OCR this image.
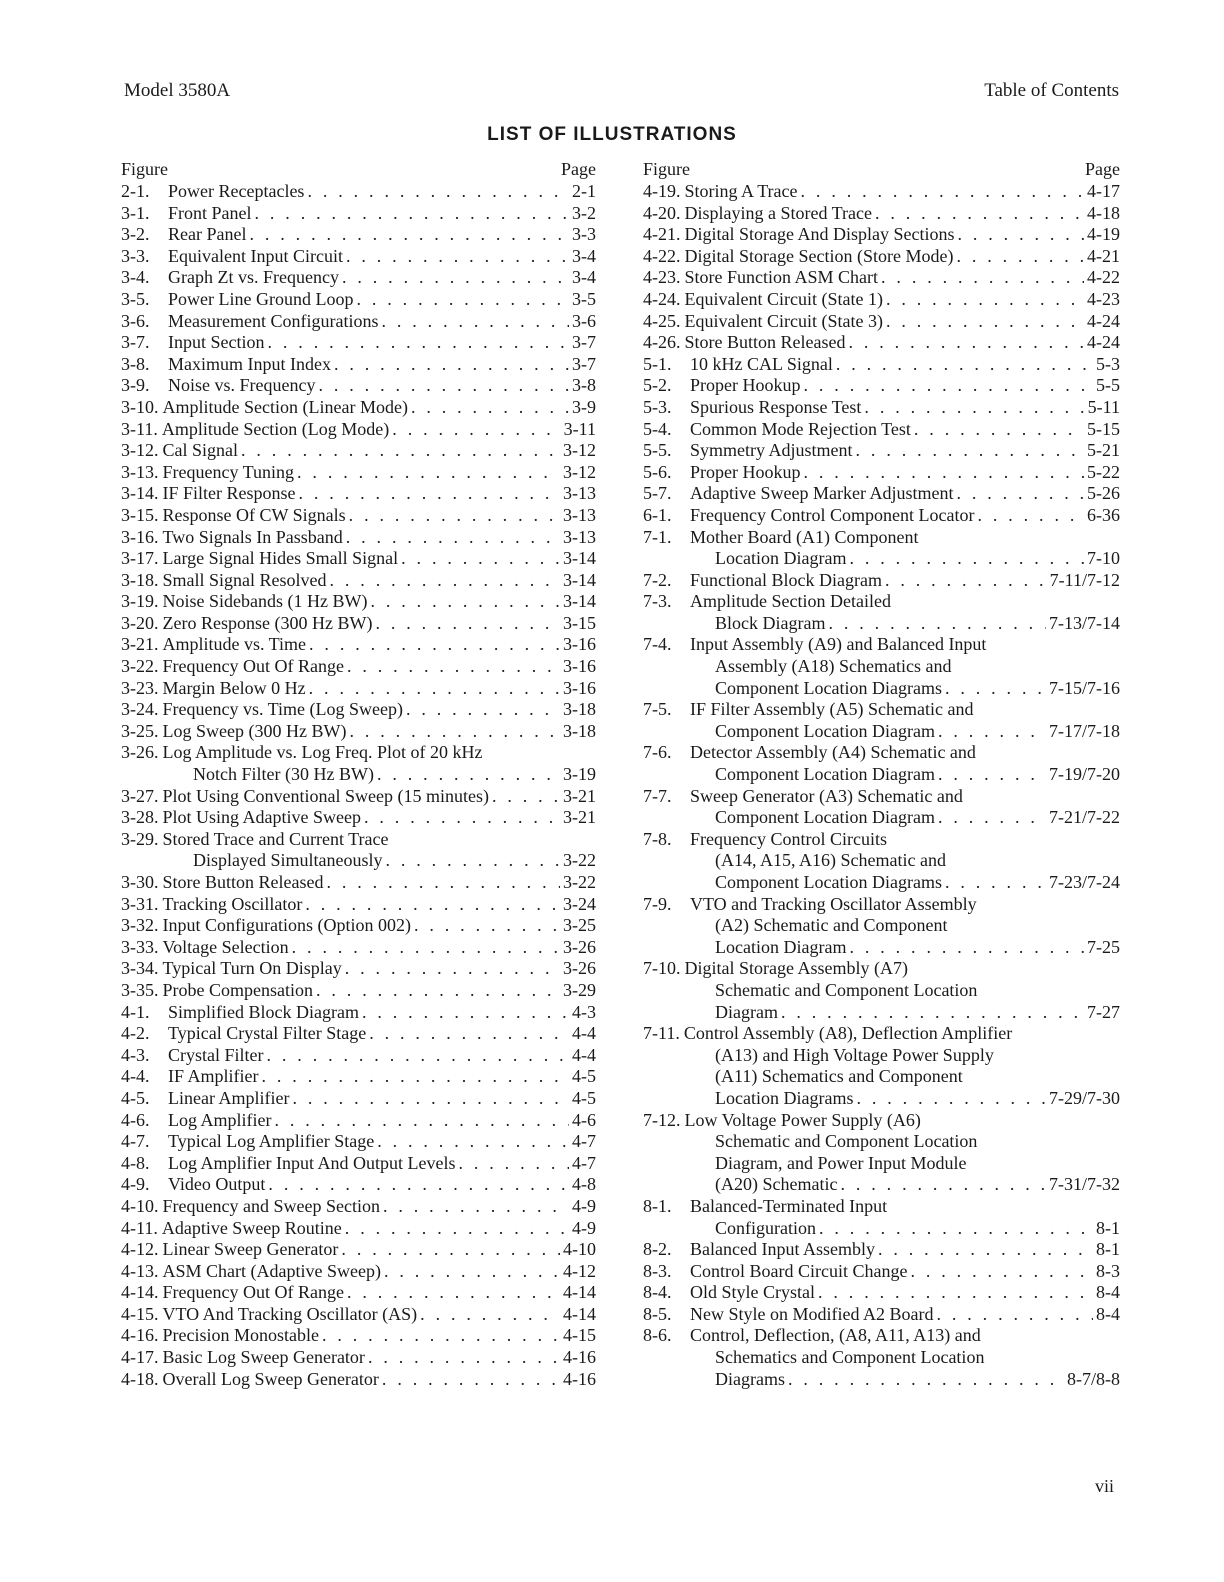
Model 3580A	Table of Contents
LIST OF ILLUSTRATIONS
Figure	Page
2-1.	Power Receptacles . . .	2-1
3-1.	Front Panel . . .	3-2
3-2.	Rear Panel . . .	3-3
3-3.	Equivalent Input Circuit . . .	3-4
3-4.	Graph Zt vs. Frequency . . .	3-4
3-5.	Power Line Ground Loop . . .	3-5
3-6.	Measurement Configurations . . .	3-6
3-7.	Input Section . . .	3-7
3-8.	Maximum Input Index . . .	3-7
3-9.	Noise vs. Frequency . . .	3-8
3-10. Amplitude Section (Linear Mode) . . .	3-9
3-11. Amplitude Section (Log Mode) . . .	3-11
3-12. Cal Signal . . .	3-12
3-13. Frequency Tuning . . .	3-12
3-14. IF Filter Response . . .	3-13
3-15. Response Of CW Signals . . .	3-13
3-16. Two Signals In Passband . . .	3-13
3-17. Large Signal Hides Small Signal . . .	3-14
3-18. Small Signal Resolved . . .	3-14
3-19. Noise Sidebands (1 Hz BW) . . .	3-14
3-20. Zero Response (300 Hz BW) . . .	3-15
3-21. Amplitude vs. Time . . .	3-16
3-22. Frequency Out Of Range . . .	3-16
3-23. Margin Below 0 Hz . . .	3-16
3-24. Frequency vs. Time (Log Sweep) . . .	3-18
3-25. Log Sweep (300 Hz BW) . . .	3-18
3-26. Log Amplitude vs. Log Freq. Plot of 20 kHz
Notch Filter (30 Hz BW) . . .	3-19
3-27. Plot Using Conventional Sweep (15 minutes) . . .	3-21
3-28. Plot Using Adaptive Sweep . . .	3-21
3-29. Stored Trace and Current Trace
Displayed Simultaneously . . .	3-22
3-30. Store Button Released . . .	3-22
3-31. Tracking Oscillator . . .	3-24
3-32. Input Configurations (Option 002) . . .	3-25
3-33. Voltage Selection . . .	3-26
3-34. Typical Turn On Display . . .	3-26
3-35. Probe Compensation . . .	3-29
4-1.	Simplified Block Diagram . . .	4-3
4-2.	Typical Crystal Filter Stage . . .	4-4
4-3.	Crystal Filter . . .	4-4
4-4.	IF Amplifier . . .	4-5
4-5.	Linear Amplifier . . .	4-5
4-6.	Log Amplifier . . .	4-6
4-7.	Typical Log Amplifier Stage . . .	4-7
4-8.	Log Amplifier Input And Output Levels . . .	4-7
4-9.	Video Output . . .	4-8
4-10. Frequency and Sweep Section . . .	4-9
4-11. Adaptive Sweep Routine . . .	4-9
4-12. Linear Sweep Generator . . .	4-10
4-13. ASM Chart (Adaptive Sweep) . . .	4-12
4-14. Frequency Out Of Range . . .	4-14
4-15. VTO And Tracking Oscillator (AS) . . .	4-14
4-16. Precision Monostable . . .	4-15
4-17. Basic Log Sweep Generator . . .	4-16
4-18. Overall Log Sweep Generator . . .	4-16
Figure	Page
4-19. Storing A Trace . . .	4-17
4-20. Displaying a Stored Trace . . .	4-18
4-21. Digital Storage And Display Sections . . .	4-19
4-22. Digital Storage Section (Store Mode) . . .	4-21
4-23. Store Function ASM Chart . . .	4-22
4-24. Equivalent Circuit (State 1) . . .	4-23
4-25. Equivalent Circuit (State 3) . . .	4-24
4-26. Store Button Released . . .	4-24
5-1.	10 kHz CAL Signal . . .	5-3
5-2.	Proper Hookup . . .	5-5
5-3.	Spurious Response Test . . .	5-11
5-4.	Common Mode Rejection Test . . .	5-15
5-5.	Symmetry Adjustment . . .	5-21
5-6.	Proper Hookup . . .	5-22
5-7.	Adaptive Sweep Marker Adjustment . . .	5-26
6-1.	Frequency Control Component Locator . . .	6-36
7-1.	Mother Board (A1) Component
Location Diagram . . .	7-10
7-2.	Functional Block Diagram . . .	7-11/7-12
7-3.	Amplitude Section Detailed
Block Diagram . . .	7-13/7-14
7-4.	Input Assembly (A9) and Balanced Input
Assembly (A18) Schematics and
Component Location Diagrams . . .	7-15/7-16
7-5.	IF Filter Assembly (A5) Schematic and
Component Location Diagram . . .	7-17/7-18
7-6.	Detector Assembly (A4) Schematic and
Component Location Diagram . . .	7-19/7-20
7-7.	Sweep Generator (A3) Schematic and
Component Location Diagram . . .	7-21/7-22
7-8.	Frequency Control Circuits
(A14, A15, A16) Schematic and
Component Location Diagrams . . .	7-23/7-24
7-9.	VTO and Tracking Oscillator Assembly
(A2) Schematic and Component
Location Diagram . . .	7-25
7-10. Digital Storage Assembly (A7)
Schematic and Component Location
Diagram . . .	7-27
7-11. Control Assembly (A8), Deflection Amplifier
(A13) and High Voltage Power Supply
(A11) Schematics and Component
Location Diagrams . . .	7-29/7-30
7-12. Low Voltage Power Supply (A6)
Schematic and Component Location
Diagram, and Power Input Module
(A20) Schematic . . .	7-31/7-32
8-1.	Balanced-Terminated Input
Configuration . . .	8-1
8-2.	Balanced Input Assembly . . .	8-1
8-3.	Control Board Circuit Change . . .	8-3
8-4.	Old Style Crystal . . .	8-4
8-5.	New Style on Modified A2 Board . . .	8-4
8-6.	Control, Deflection, (A8, A11, A13) and
Schematics and Component Location
Diagrams . . .	8-7/8-8
vii
